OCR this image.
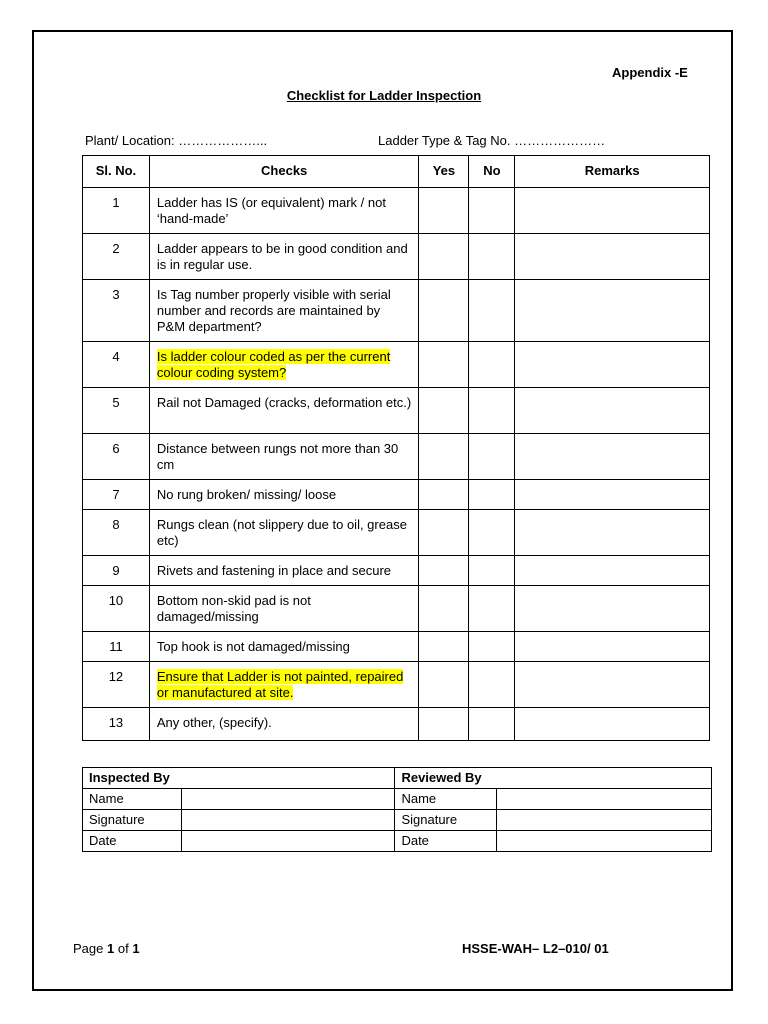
Appendix -E
Checklist for Ladder Inspection
Plant/ Location: ………………...	Ladder Type & Tag No. …………………
Sl. No.	Checks	Yes	No	Remarks
1	Ladder has IS (or equivalent) mark / not ‘hand-made’			
2	Ladder appears to be in good condition and is in regular use.			
3	Is Tag number properly visible with serial number and records are maintained by P&M department?			
4	Is ladder colour coded as per the current colour coding system?			
5	Rail not Damaged (cracks, deformation etc.)			
6	Distance between rungs not more than 30 cm			
7	No rung broken/ missing/ loose			
8	Rungs clean (not slippery due to oil, grease etc)			
9	Rivets and fastening in place and secure			
10	Bottom non-skid pad is not damaged/missing			
11	Top hook is not damaged/missing			
12	Ensure that Ladder is not painted, repaired or manufactured at site.			
13	Any other, (specify).			
Inspected By		Reviewed By	
Name		Name	
Signature		Signature	
Date		Date	
Page 1 of 1	HSSE-WAH– L2–010/ 01
